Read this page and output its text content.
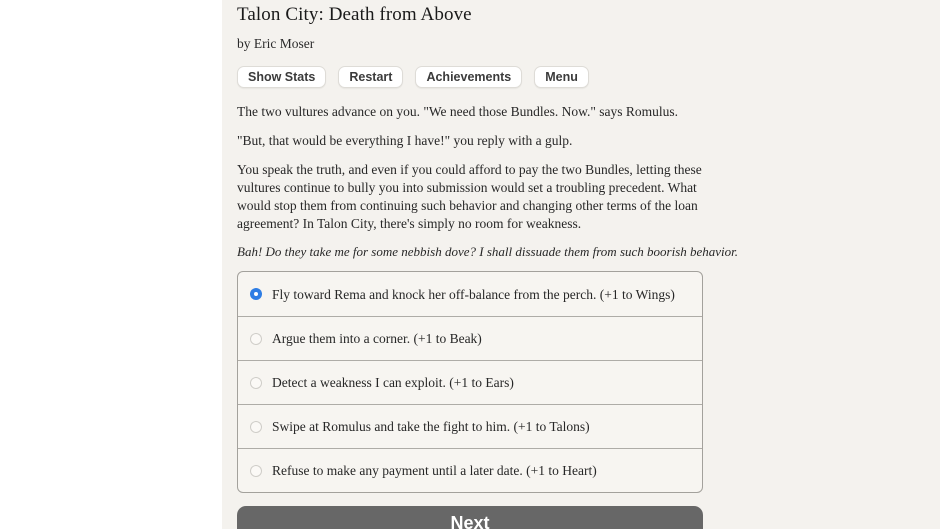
Talon City: Death from Above
by Eric Moser
Show Stats	Restart	Achievements	Menu

The two vultures advance on you. "We need those Bundles. Now." says Romulus.

"But, that would be everything I have!" you reply with a gulp.

You speak the truth, and even if you could afford to pay the two Bundles, letting these vultures continue to bully you into submission would set a troubling precedent. What would stop them from continuing such behavior and changing other terms of the loan agreement? In Talon City, there's simply no room for weakness.

Bah! Do they take me for some nebbish dove? I shall dissuade them from such boorish behavior.

Fly toward Rema and knock her off-balance from the perch. (+1 to Wings)
Argue them into a corner. (+1 to Beak)
Detect a weakness I can exploit. (+1 to Ears)
Swipe at Romulus and take the fight to him. (+1 to Talons)
Refuse to make any payment until a later date. (+1 to Heart)
Next
